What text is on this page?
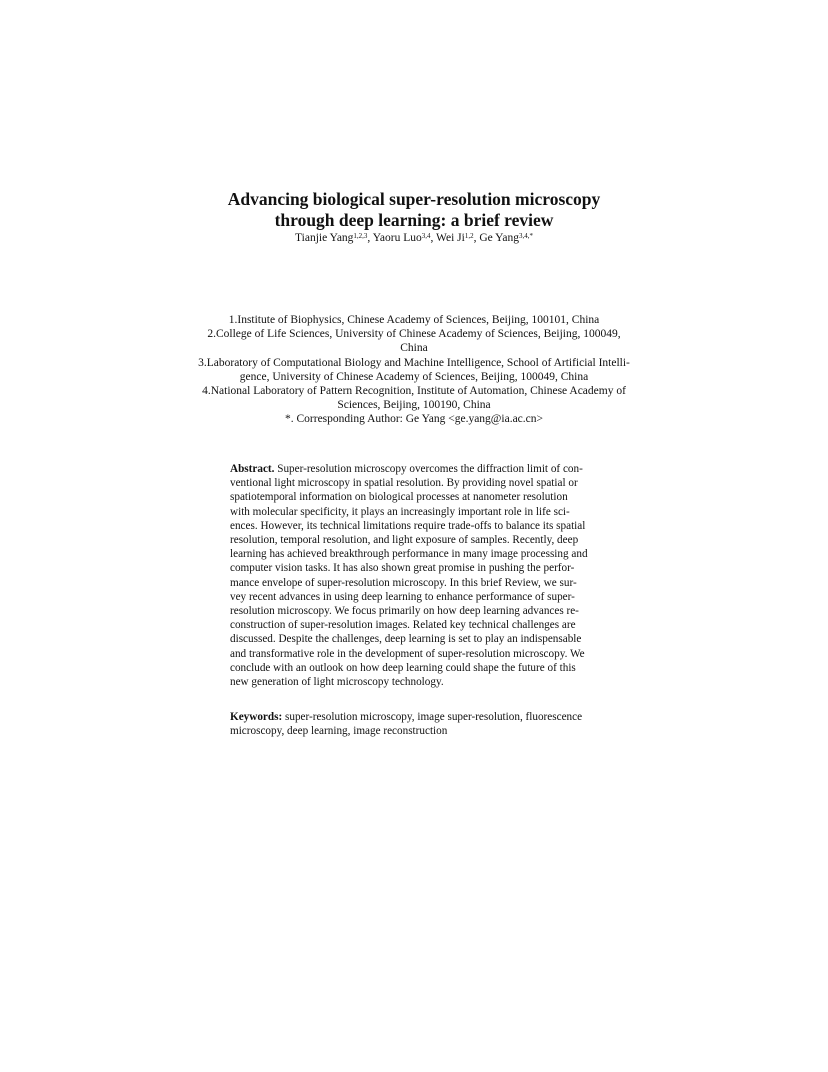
Advancing biological super-resolution microscopy
through deep learning: a brief review
Tianjie Yang$^{1,2,3}$, Yaoru Luo$^{3,4}$, Wei Ji$^{1,2}$, Ge Yang$^{3,4,*}$
1.Institute of Biophysics, Chinese Academy of Sciences, Beijing, 100101, China
2.College of Life Sciences, University of Chinese Academy of Sciences, Beijing, 100049,
China
3.Laboratory of Computational Biology and Machine Intelligence, School of Artificial Intelli-
gence, University of Chinese Academy of Sciences, Beijing, 100049, China
4.National Laboratory of Pattern Recognition, Institute of Automation, Chinese Academy of
Sciences, Beijing, 100190, China
*. Corresponding Author: Ge Yang <ge.yang@ia.ac.cn>
Abstract. Super-resolution microscopy overcomes the diffraction limit of con-
ventional light microscopy in spatial resolution. By providing novel spatial or
spatiotemporal information on biological processes at nanometer resolution
with molecular specificity, it plays an increasingly important role in life sci-
ences. However, its technical limitations require trade-offs to balance its spatial
resolution, temporal resolution, and light exposure of samples. Recently, deep
learning has achieved breakthrough performance in many image processing and
computer vision tasks. It has also shown great promise in pushing the perfor-
mance envelope of super-resolution microscopy. In this brief Review, we sur-
vey recent advances in using deep learning to enhance performance of super-
resolution microscopy. We focus primarily on how deep learning advances re-
construction of super-resolution images. Related key technical challenges are
discussed. Despite the challenges, deep learning is set to play an indispensable
and transformative role in the development of super-resolution microscopy. We
conclude with an outlook on how deep learning could shape the future of this
new generation of light microscopy technology.
Keywords: super-resolution microscopy, image super-resolution, fluorescence
microscopy, deep learning, image reconstruction
